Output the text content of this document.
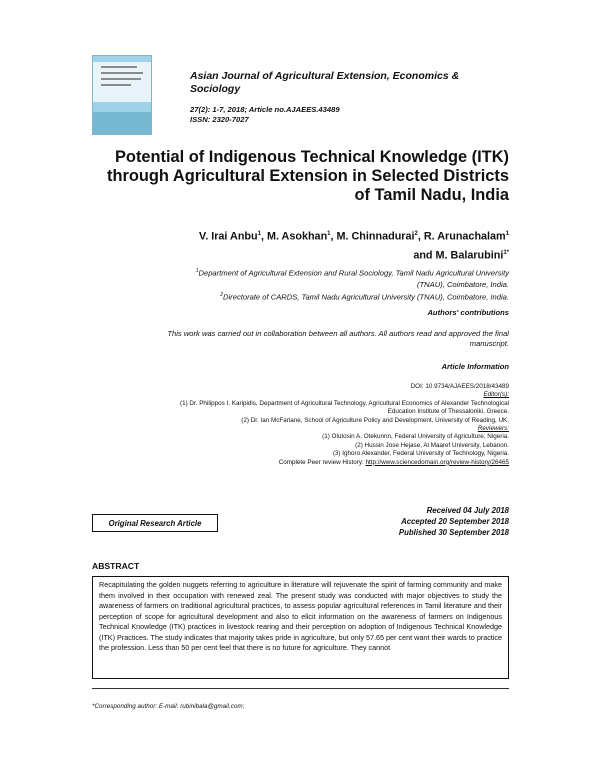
Asian Journal of Agricultural Extension, Economics &
Sociology
27(2): 1-7, 2018; Article no.AJAEES.43489
ISSN: 2320-7027
Potential of Indigenous Technical Knowledge (ITK)
through Agricultural Extension in Selected Districts
of Tamil Nadu, India
V. Irai Anbu$^1$, M. Asokhan$^1$, M. Chinnadurai$^2$, R. Arunachalam$^1$
and M. Balarubini$^{1*}$
$^1$Department of Agricultural Extension and Rural Sociology, Tamil Nadu Agricultural University
(TNAU), Coimbatore, India.
$^2$Directorate of CARDS, Tamil Nadu Agricultural University (TNAU), Coimbatore, India.
Authors' contributions
This work was carried out in collaboration between all authors. All authors read and approved the final
manuscript.
Article Information
DOI: 10.9734/AJAEES/2018/43489
Editor(s):
(1) Dr. Philippos I. Karipidis, Department of Agricultural Technology, Agricultural Economics of Alexander Technological
Education Institute of Thessaloniki, Greece.
(2) Dr. Ian McFarlane, School of Agriculture Policy and Development, University of Reading, UK.
Reviewers:
(1) Olutosin A. Otekunrin, Federal University of Agriculture, Nigeria.
(2) Hussin Jose Hejase, Al Maaref University, Lebanon.
(3) Ighoro Alexander, Federal University of Technology, Nigeria.
Complete Peer review History: http://www.sciencedomain.org/review-history/26465
Received 04 July 2018
Accepted 20 September 2018
Published 30 September 2018
Original Research Article
ABSTRACT

Recapitulating the golden nuggets referring to agriculture in literature will rejuvenate the spirit of farming community and make them involved in their occupation with renewed zeal. The present study was conducted with major objectives to study the awareness of farmers on traditional agricultural practices, to assess popular agricultural references in Tamil literature and their perception of scope for agricultural development and also to elicit information on the awareness of farmers on Indigenous Technical Knowledge (ITK) practices in livestock rearing and their perception on adoption of Indigenous Technical Knowledge (ITK) Practices. The study indicates that majority takes pride in agriculture, but only 57.65 per cent want their wards to practice the profession. Less than 50 per cent feel that there is no future for agriculture. They cannot

*Corresponding author: E-mail: rubinibala@gmail.com;
